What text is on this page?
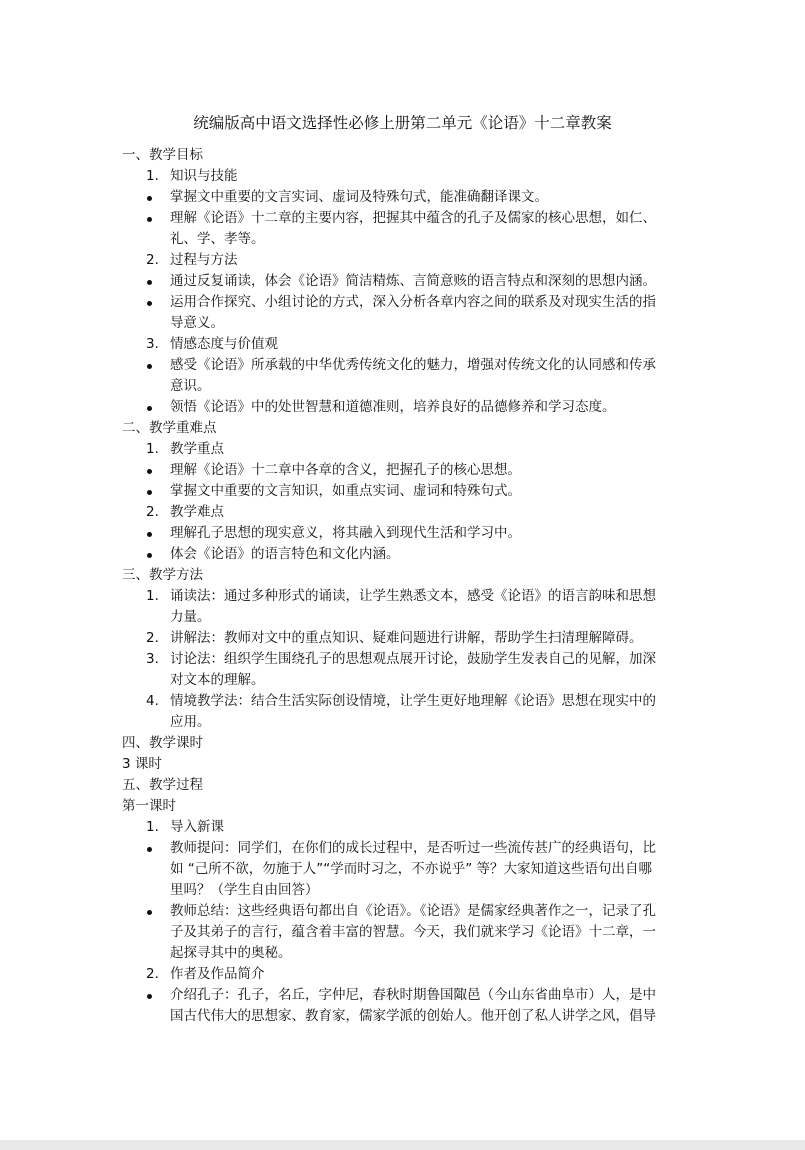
统编版高中语文选择性必修上册第二单元《论语》十二章教案
一、教学目标
1. 知识与技能
掌握文中重要的文言实词、虚词及特殊句式，能准确翻译课文。
理解《论语》十二章的主要内容，把握其中蕴含的孔子及儒家的核心思想，如仁、
礼、学、孝等。
2. 过程与方法
通过反复诵读，体会《论语》简洁精炼、言简意赅的语言特点和深刻的思想内涵。
运用合作探究、小组讨论的方式，深入分析各章内容之间的联系及对现实生活的指
导意义。
3. 情感态度与价值观
感受《论语》所承载的中华优秀传统文化的魅力，增强对传统文化的认同感和传承
意识。
领悟《论语》中的处世智慧和道德准则，培养良好的品德修养和学习态度。
二、教学重难点
1. 教学重点
理解《论语》十二章中各章的含义，把握孔子的核心思想。
掌握文中重要的文言知识，如重点实词、虚词和特殊句式。
2. 教学难点
理解孔子思想的现实意义，将其融入到现代生活和学习中。
体会《论语》的语言特色和文化内涵。
三、教学方法
1. 诵读法：通过多种形式的诵读，让学生熟悉文本，感受《论语》的语言韵味和思想
力量。
2. 讲解法：教师对文中的重点知识、疑难问题进行讲解，帮助学生扫清理解障碍。
3. 讨论法：组织学生围绕孔子的思想观点展开讨论，鼓励学生发表自己的见解，加深
对文本的理解。
4. 情境教学法：结合生活实际创设情境，让学生更好地理解《论语》思想在现实中的
应用。
四、教学课时
3 课时
五、教学过程
第一课时
1. 导入新课
教师提问：同学们，在你们的成长过程中，是否听过一些流传甚广的经典语句，比
如 “己所不欲，勿施于人”“学而时习之，不亦说乎” 等？大家知道这些语句出自哪
里吗？（学生自由回答）
教师总结：这些经典语句都出自《论语》。《论语》是儒家经典著作之一，记录了孔
子及其弟子的言行，蕴含着丰富的智慧。今天，我们就来学习《论语》十二章，一
起探寻其中的奥秘。
2. 作者及作品简介
介绍孔子：孔子，名丘，字仲尼，春秋时期鲁国陬邑（今山东省曲阜市）人，是中
国古代伟大的思想家、教育家，儒家学派的创始人。他开创了私人讲学之风，倡导
